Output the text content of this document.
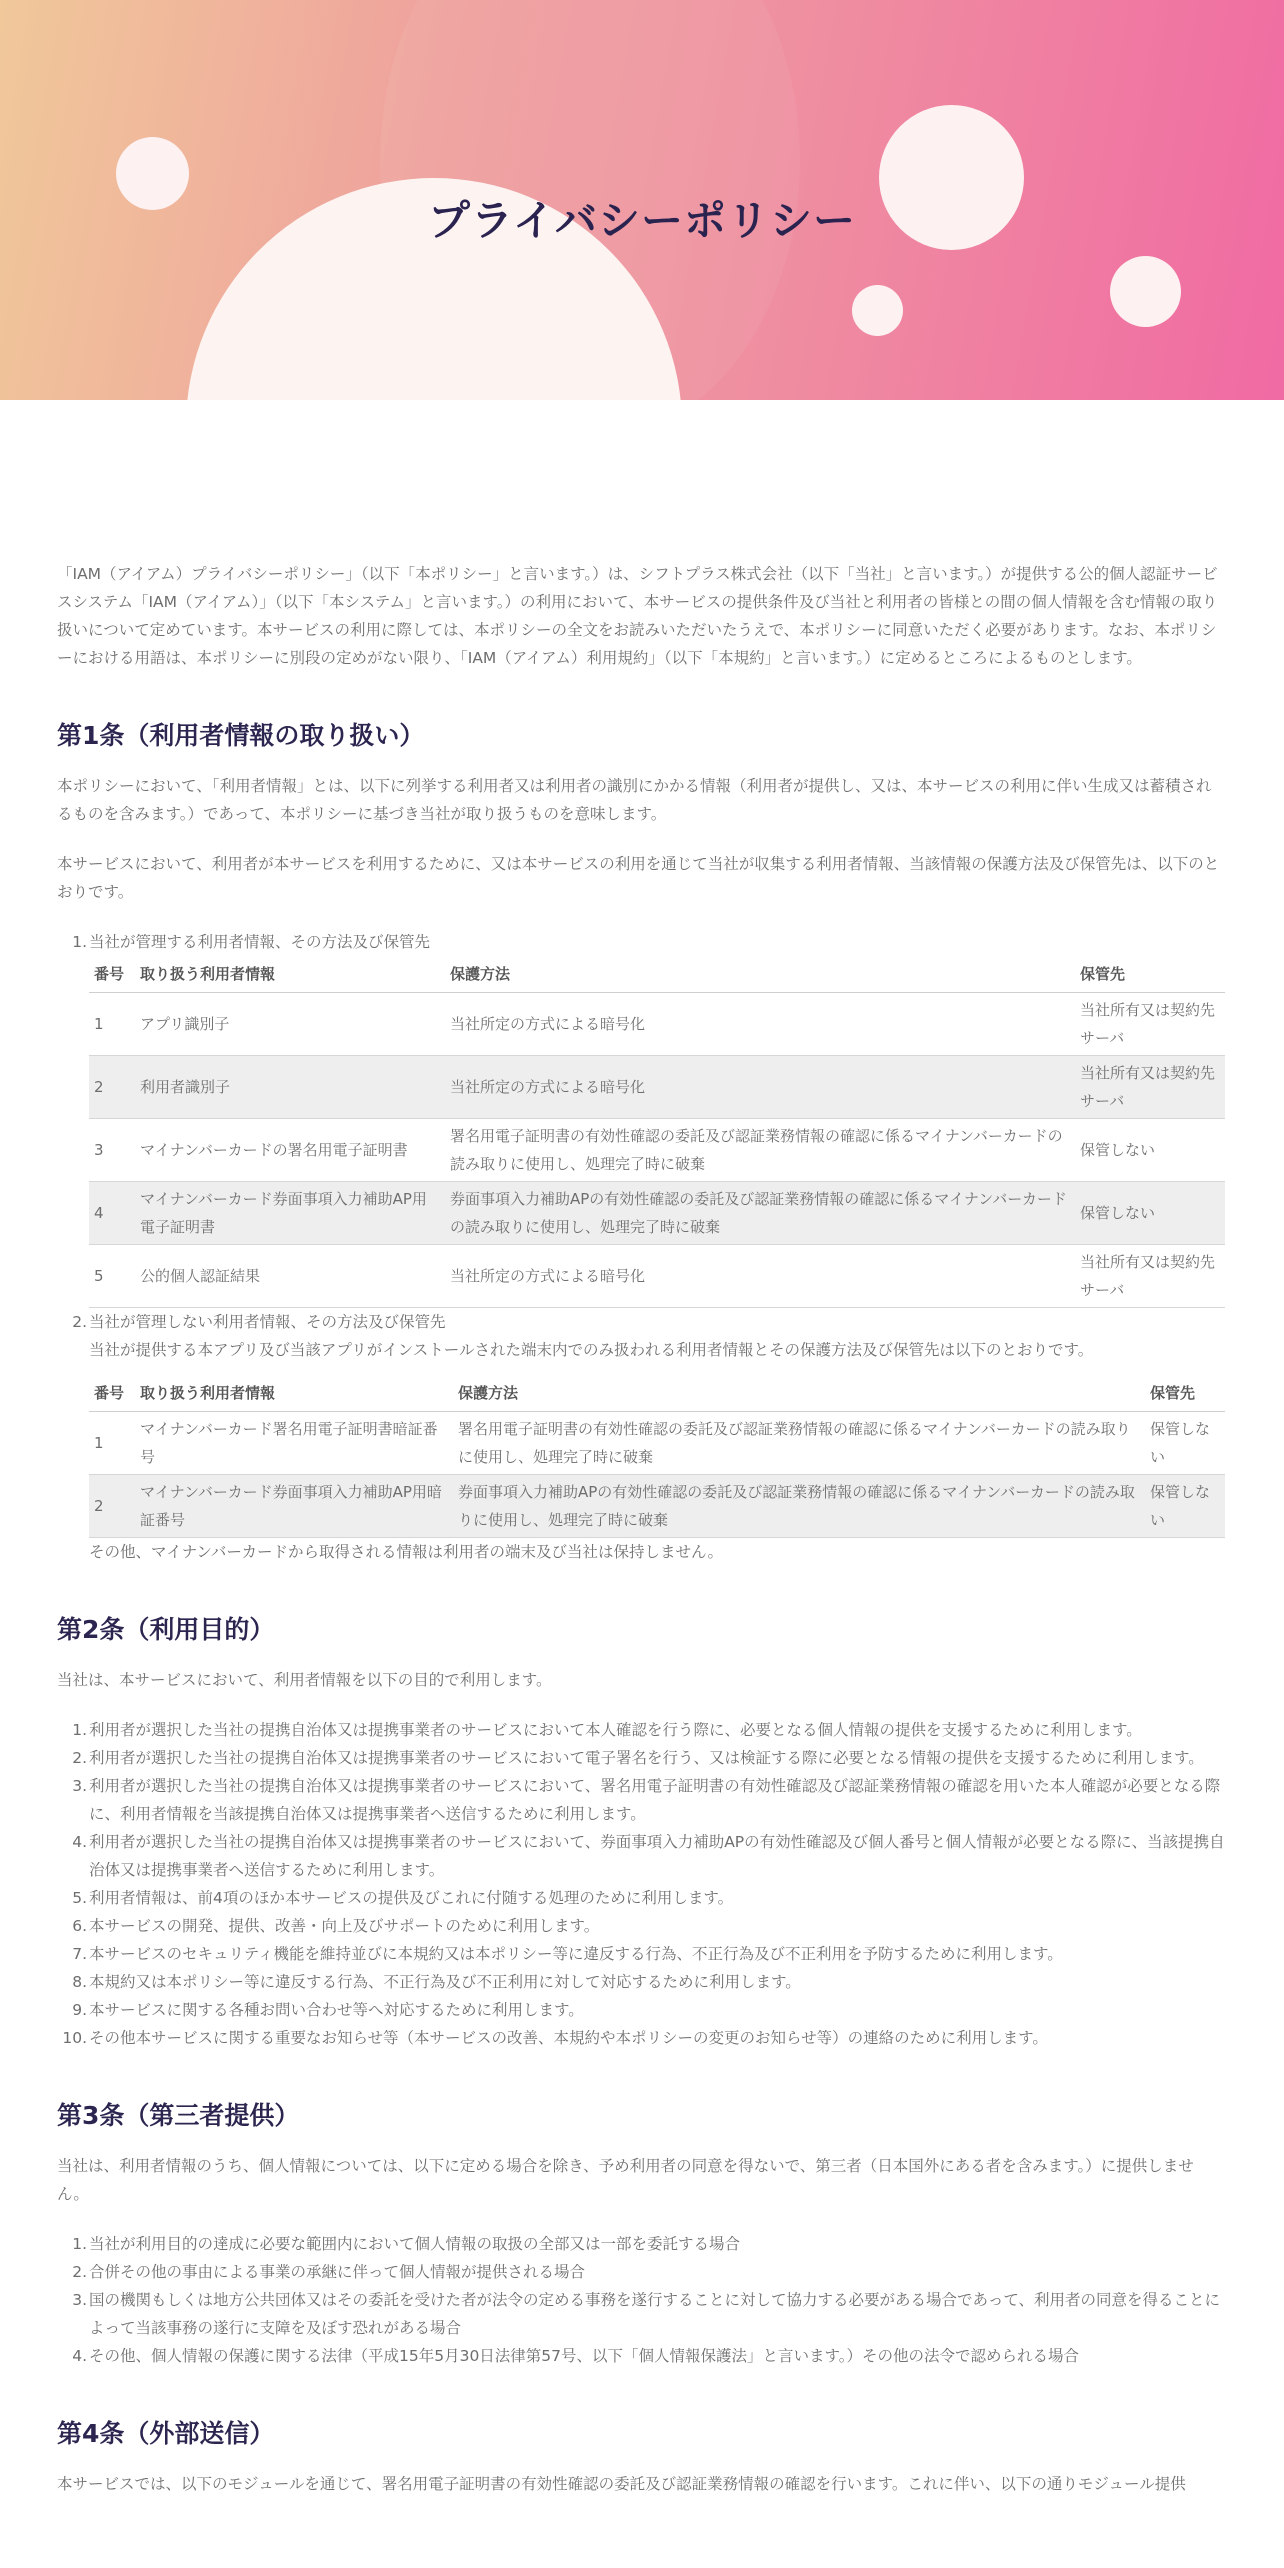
プライバシーポリシー

「IAM（アイアム）プライバシーポリシー」（以下「本ポリシー」と言います。）は、シフトプラス株式会社（以下「当社」と言います。）が提供する公的個人認証サービスシステム「IAM（アイアム）」（以下「本システム」と言います。）の利用において、本サービスの提供条件及び当社と利用者の皆様との間の個人情報を含む情報の取り扱いについて定めています。本サービスの利用に際しては、本ポリシーの全文をお読みいただいたうえで、本ポリシーに同意いただく必要があります。なお、本ポリシーにおける用語は、本ポリシーに別段の定めがない限り、「IAM（アイアム）利用規約」（以下「本規約」と言います。）に定めるところによるものとします。

第1条（利用者情報の取り扱い）

本ポリシーにおいて、「利用者情報」とは、以下に列挙する利用者又は利用者の識別にかかる情報（利用者が提供し、又は、本サービスの利用に伴い生成又は蓄積されるものを含みます。）であって、本ポリシーに基づき当社が取り扱うものを意味します。

本サービスにおいて、利用者が本サービスを利用するために、又は本サービスの利用を通じて当社が収集する利用者情報、当該情報の保護方法及び保管先は、以下のとおりです。

1. 当社が管理する利用者情報、その方法及び保管先
番号	取り扱う利用者情報	保護方法	保管先
1	アプリ識別子	当社所定の方式による暗号化	当社所有又は契約先サーバ
2	利用者識別子	当社所定の方式による暗号化	当社所有又は契約先サーバ
3	マイナンバーカードの署名用電子証明書	署名用電子証明書の有効性確認の委託及び認証業務情報の確認に係るマイナンバーカードの読み取りに使用し、処理完了時に破棄	保管しない
4	マイナンバーカード券面事項入力補助AP用電子証明書	券面事項入力補助APの有効性確認の委託及び認証業務情報の確認に係るマイナンバーカードの読み取りに使用し、処理完了時に破棄	保管しない
5	公的個人認証結果	当社所定の方式による暗号化	当社所有又は契約先サーバ
2. 当社が管理しない利用者情報、その方法及び保管先
当社が提供する本アプリ及び当該アプリがインストールされた端末内でのみ扱われる利用者情報とその保護方法及び保管先は以下のとおりです。
番号	取り扱う利用者情報	保護方法	保管先
1	マイナンバーカード署名用電子証明書暗証番号	署名用電子証明書の有効性確認の委託及び認証業務情報の確認に係るマイナンバーカードの読み取りに使用し、処理完了時に破棄	保管しない
2	マイナンバーカード券面事項入力補助AP用暗証番号	券面事項入力補助APの有効性確認の委託及び認証業務情報の確認に係るマイナンバーカードの読み取りに使用し、処理完了時に破棄	保管しない
その他、マイナンバーカードから取得される情報は利用者の端末及び当社は保持しません。
第2条（利用目的）

当社は、本サービスにおいて、利用者情報を以下の目的で利用します。

1. 利用者が選択した当社の提携自治体又は提携事業者のサービスにおいて本人確認を行う際に、必要となる個人情報の提供を支援するために利用します。
2. 利用者が選択した当社の提携自治体又は提携事業者のサービスにおいて電子署名を行う、又は検証する際に必要となる情報の提供を支援するために利用します。
3. 利用者が選択した当社の提携自治体又は提携事業者のサービスにおいて、署名用電子証明書の有効性確認及び認証業務情報の確認を用いた本人確認が必要となる際に、利用者情報を当該提携自治体又は提携事業者へ送信するために利用します。
4. 利用者が選択した当社の提携自治体又は提携事業者のサービスにおいて、券面事項入力補助APの有効性確認及び個人番号と個人情報が必要となる際に、当該提携自治体又は提携事業者へ送信するために利用します。
5. 利用者情報は、前4項のほか本サービスの提供及びこれに付随する処理のために利用します。
6. 本サービスの開発、提供、改善・向上及びサポートのために利用します。
7. 本サービスのセキュリティ機能を維持並びに本規約又は本ポリシー等に違反する行為、不正行為及び不正利用を予防するために利用します。
8. 本規約又は本ポリシー等に違反する行為、不正行為及び不正利用に対して対応するために利用します。
9. 本サービスに関する各種お問い合わせ等へ対応するために利用します。
10. その他本サービスに関する重要なお知らせ等（本サービスの改善、本規約や本ポリシーの変更のお知らせ等）の連絡のために利用します。
第3条（第三者提供）

当社は、利用者情報のうち、個人情報については、以下に定める場合を除き、予め利用者の同意を得ないで、第三者（日本国外にある者を含みます。）に提供しません。

1. 当社が利用目的の達成に必要な範囲内において個人情報の取扱の全部又は一部を委託する場合
2. 合併その他の事由による事業の承継に伴って個人情報が提供される場合
3. 国の機関もしくは地方公共団体又はその委託を受けた者が法令の定める事務を遂行することに対して協力する必要がある場合であって、利用者の同意を得ることによって当該事務の遂行に支障を及ぼす恐れがある場合
4. その他、個人情報の保護に関する法律（平成15年5月30日法律第57号、以下「個人情報保護法」と言います。）その他の法令で認められる場合
第4条（外部送信）

本サービスでは、以下のモジュールを通じて、署名用電子証明書の有効性確認の委託及び認証業務情報の確認を行います。これに伴い、以下の通りモジュール提供
